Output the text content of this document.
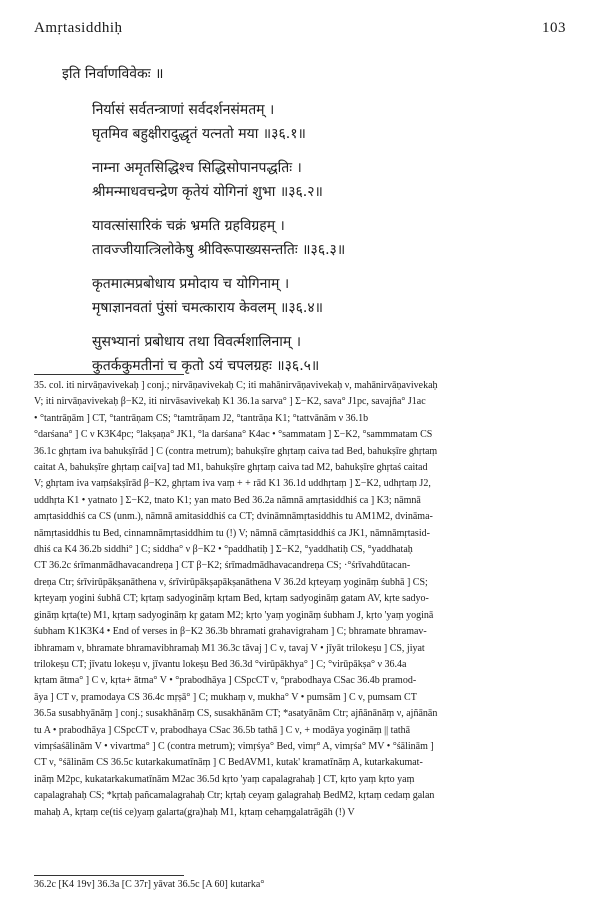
Amṛtasiddhiḥ	103
इति निर्वाणविवेकः ॥
निर्यासं सर्वतन्त्राणां सर्वदर्शनसंमतम् ।
घृतमिव बहुक्षीरादुद्धृतं यत्नतो मया ॥३६.१॥
नाम्ना अमृतसिद्धिश्च सिद्धिसोपानपद्धतिः ।
श्रीमन्माधवचन्द्रेण कृतेयं योगिनां शुभा ॥३६.२॥
यावत्सांसारिकं चक्रं भ्रमति ग्रहविग्रहम् ।
तावज्जीयात्त्रिलोकेषु श्रीविरूपाख्यसन्ततिः ॥३६.३॥
कृतमात्मप्रबोधाय प्रमोदाय च योगिनाम् ।
मृषाज्ञानवतां पुंसां चमत्काराय केवलम् ॥३६.४॥
सुसभ्यानां प्रबोधाय तथा विवर्त्मशालिनाम् ।
कुतर्ककुमतीनां च कृतो ऽयं चपलग्रहः ॥३६.५॥
35. col. iti nirvāṇavivekaḥ ] conj.; nirvāṇavivekaḥ C; iti mahānirvāṇavivekaḥ ν, mahānirvāṇavivekaḥ
V; iti nirvāṇavivekaḥ β−K2, iti nirvāsavivekaḥ K1 36.1a sarva° ] Σ−K2, sava° J1pc, savajña° J1ac
• °tantrāṇām ] CT, °tantrāṇam CS; °tamtrāṇam J2, °tantrāṇa K1; °tattvānām ν 36.1b
°darśana° ] C ν K3K4pc; °lakṣaṇa° JK1, °la darśana° K4ac • °sammatam ] Σ−K2, °sammmatam CS
36.1c ghṛtam iva bahukṣīrād ] C (contra metrum); bahukṣīre ghṛtaṃ caiva tad Bed, bahukṣīre ghṛtaṃ
caitat A, bahukṣīre ghṛtaṃ cai[va] tad M1, bahukṣīre ghṛtaṃ caiva tad M2, bahukṣīre ghṛtaś caitad
V; ghṛtam iva vaṃśakṣīrād β−K2, ghṛtam iva vaṃ + + rād K1 36.1d uddhṛtaṃ ] Σ−K2, udhṛtaṃ J2,
uddhṛta K1 • yatnato ] Σ−K2, tnato K1; yan mato Bed 36.2a nāmnā amṛtasiddhiś ca ] K3; nāmnā
amṛtasiddhiś ca CS (unm.), nāmnā amitasiddhiś ca CT; dvināmnāmṛtasiddhis tu AM1M2, dvināma-
nāmṛtasiddhis tu Bed, cinnamnāmṛtasiddhim tu (!) V; nāmnā cāmṛtasiddhiś ca JK1, nāmnāmṛtasid-
dhiś ca K4 36.2b siddhi° ] C; siddha° ν β−K2 • °paddhatiḥ ] Σ−K2, °yaddhatiḥ CS, °yaddhataḥ
CT 36.2c śrīmanmādhavacandreṇa ] CT β−K2; śrīmadmādhavacandreṇa CS; ·°śrīvahdūtacan-
dreṇa Ctr; śrīvirūpākṣanāthena ν, śrīvirūpākṣapākṣanāthena V 36.2d kṛteyaṃ yogināṃ śubhā ] CS;
kṛteyaṃ yogini śubhā CT; kṛtaṃ sadyogināṃ kṛtam Bed, kṛtaṃ sadyogināṃ gatam AV, kṛte sadyo-
gināṃ kṛta(te) M1, kṛtaṃ sadyogināṃ kṛ gatam M2; kṛto 'yaṃ yogināṃ śubham J, kṛto 'yaṃ yoginā
śubham K1K3K4 • End of verses in β−K2 36.3b bhramati grahavigraham ] C; bhramate bhramav-
ibhramam ν, bhramate bhramavibhramaḥ M1 36.3c tāvaj ] C ν, tavaj V • jīyāt trilokeṣu ] CS, jiyat
trilokeṣu CT; jīvatu lokeṣu ν, jīvantu lokeṣu Bed 36.3d °virūpākhya° ] C; °virūpākṣa° ν 36.4a
kṛtam ātma° ] C ν, kṛta+ ātma° V • °prabodhāya ] CSpcCT ν, °prabodhaya CSac 36.4b pramod-
āya ] CT ν, pramodaya CS 36.4c mṛṣā° ] C; mukhaṃ ν, mukha° V • pumsām ] C ν, pumsam CT
36.5a susabhyānāṃ ] conj.; susakhānāṃ CS, susakhānām CT; *asatyānām Ctr; ajñānānāṃ ν, ajñānān
tu A • prabodhāya ] CSpcCT ν, prabodhaya CSac 36.5b tathā ] C ν, + modāya yogināṃ || tathā
vimṛśaśālinām V • vivartma° ] C (contra metrum); vimṛśya° Bed, vimṛ° A, vimṛśa° MV • °śālinām ]
CT ν, °śālinām CS 36.5c kutarkakumatīnāṃ ] C BedAVM1, kutak' kramatīnāṃ A, kutarkakumat-
ināṃ M2pc, kukatarkakumatīnām M2ac 36.5d kṛto 'yaṃ capalagrahaḥ ] CT, kṛto yaṃ kṛto yaṃ
capalagrahaḥ CS; *kṛtaḥ pañcamalagrahaḥ Ctr; kṛtaḥ ceyaṃ galagrahaḥ BedM2, kṛtaṃ cedaṃ galan
mahaḥ A, kṛtaṃ ce(tiś ce)yaṃ galarta(gra)haḥ M1, kṛtaṃ cehaṃgalatrāgāh (!) V
36.2c [K4 19v] 36.3a [C 37r] yāvat 36.5c [A 60] kutarka°
